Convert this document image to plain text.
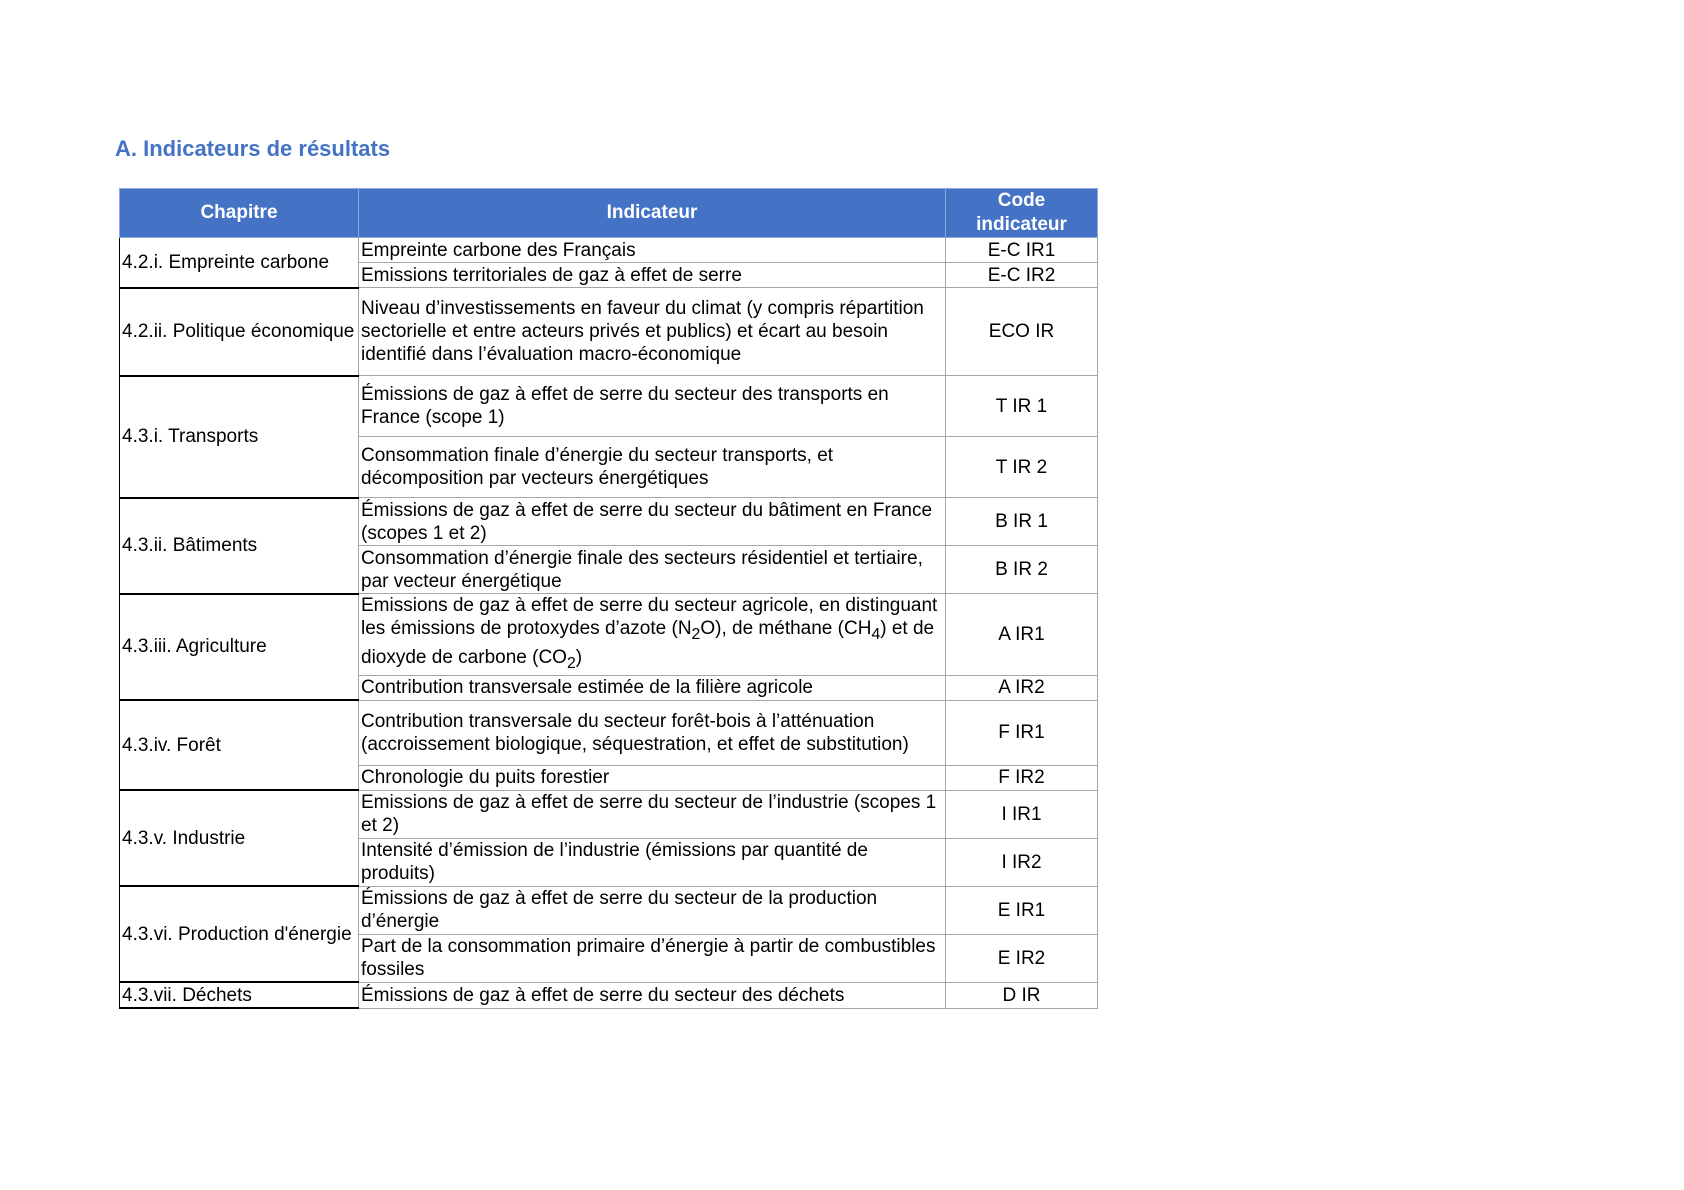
A. Indicateurs de résultats
Chapitre	Indicateur	Code indicateur
4.2.i. Empreinte carbone	Empreinte carbone des Français	E-C IR1
	Emissions territoriales de gaz à effet de serre	E-C IR2
4.2.ii. Politique économique	Niveau d’investissements en faveur du climat (y compris répartition sectorielle et entre acteurs privés et publics) et écart au besoin identifié dans l’évaluation macro-économique	ECO IR
4.3.i. Transports	Émissions de gaz à effet de serre du secteur des transports en France (scope 1)	T IR 1
	Consommation finale d’énergie du secteur transports, et décomposition par vecteurs énergétiques	T IR 2
4.3.ii. Bâtiments	Émissions de gaz à effet de serre du secteur du bâtiment en France (scopes 1 et 2)	B IR 1
	Consommation d’énergie finale des secteurs résidentiel et tertiaire, par vecteur énergétique	B IR 2
4.3.iii. Agriculture	Emissions de gaz à effet de serre du secteur agricole, en distinguant les émissions de protoxydes d’azote $(N_2O)$, de méthane $(CH_4)$ et de dioxyde de carbone $(CO_2)$	A IR1
	Contribution transversale estimée de la filière agricole	A IR2
4.3.iv. Forêt	Contribution transversale du secteur forêt-bois à l’atténuation (accroissement biologique, séquestration, et effet de substitution)	F IR1
	Chronologie du puits forestier	F IR2
4.3.v. Industrie	Emissions de gaz à effet de serre du secteur de l’industrie (scopes 1 et 2)	I IR1
	Intensité d’émission de l’industrie (émissions par quantité de produits)	I IR2
4.3.vi. Production d'énergie	Émissions de gaz à effet de serre du secteur de la production d’énergie	E IR1
	Part de la consommation primaire d’énergie à partir de combustibles fossiles	E IR2
4.3.vii. Déchets	Émissions de gaz à effet de serre du secteur des déchets	D IR
